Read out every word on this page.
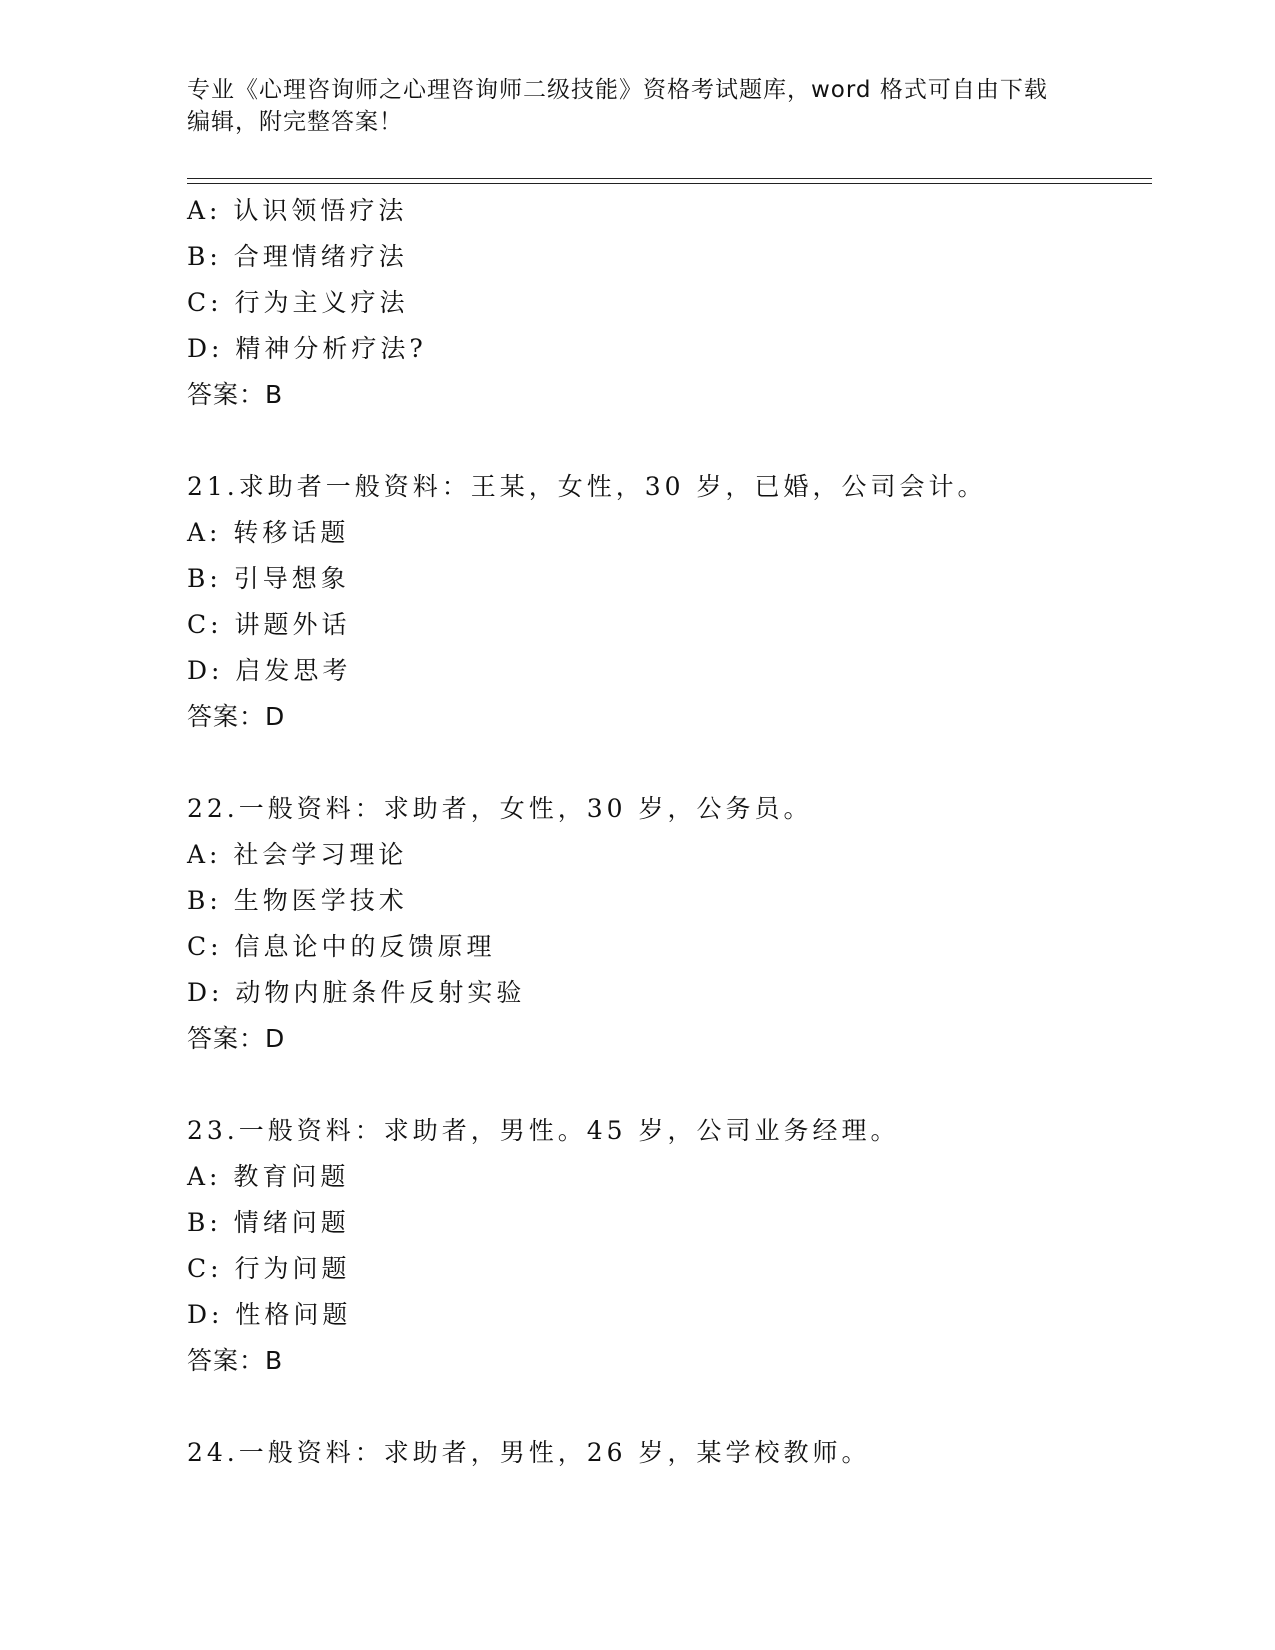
专业《心理咨询师之心理咨询师二级技能》资格考试题库，word 格式可自由下载

编辑，附完整答案！

A: 认识领悟疗法
B: 合理情绪疗法
C: 行为主义疗法
D: 精神分析疗法?
答案：B
21.求助者一般资料：王某，女性，30 岁，已婚，公司会计。
A: 转移话题
B: 引导想象
C: 讲题外话
D: 启发思考
答案：D
22.一般资料：求助者，女性，30 岁，公务员。
A: 社会学习理论
B: 生物医学技术
C: 信息论中的反馈原理
D: 动物内脏条件反射实验
答案：D
23.一般资料：求助者，男性。45 岁，公司业务经理。
A: 教育问题
B: 情绪问题
C: 行为问题
D: 性格问题
答案：B
24.一般资料：求助者，男性，26 岁，某学校教师。
